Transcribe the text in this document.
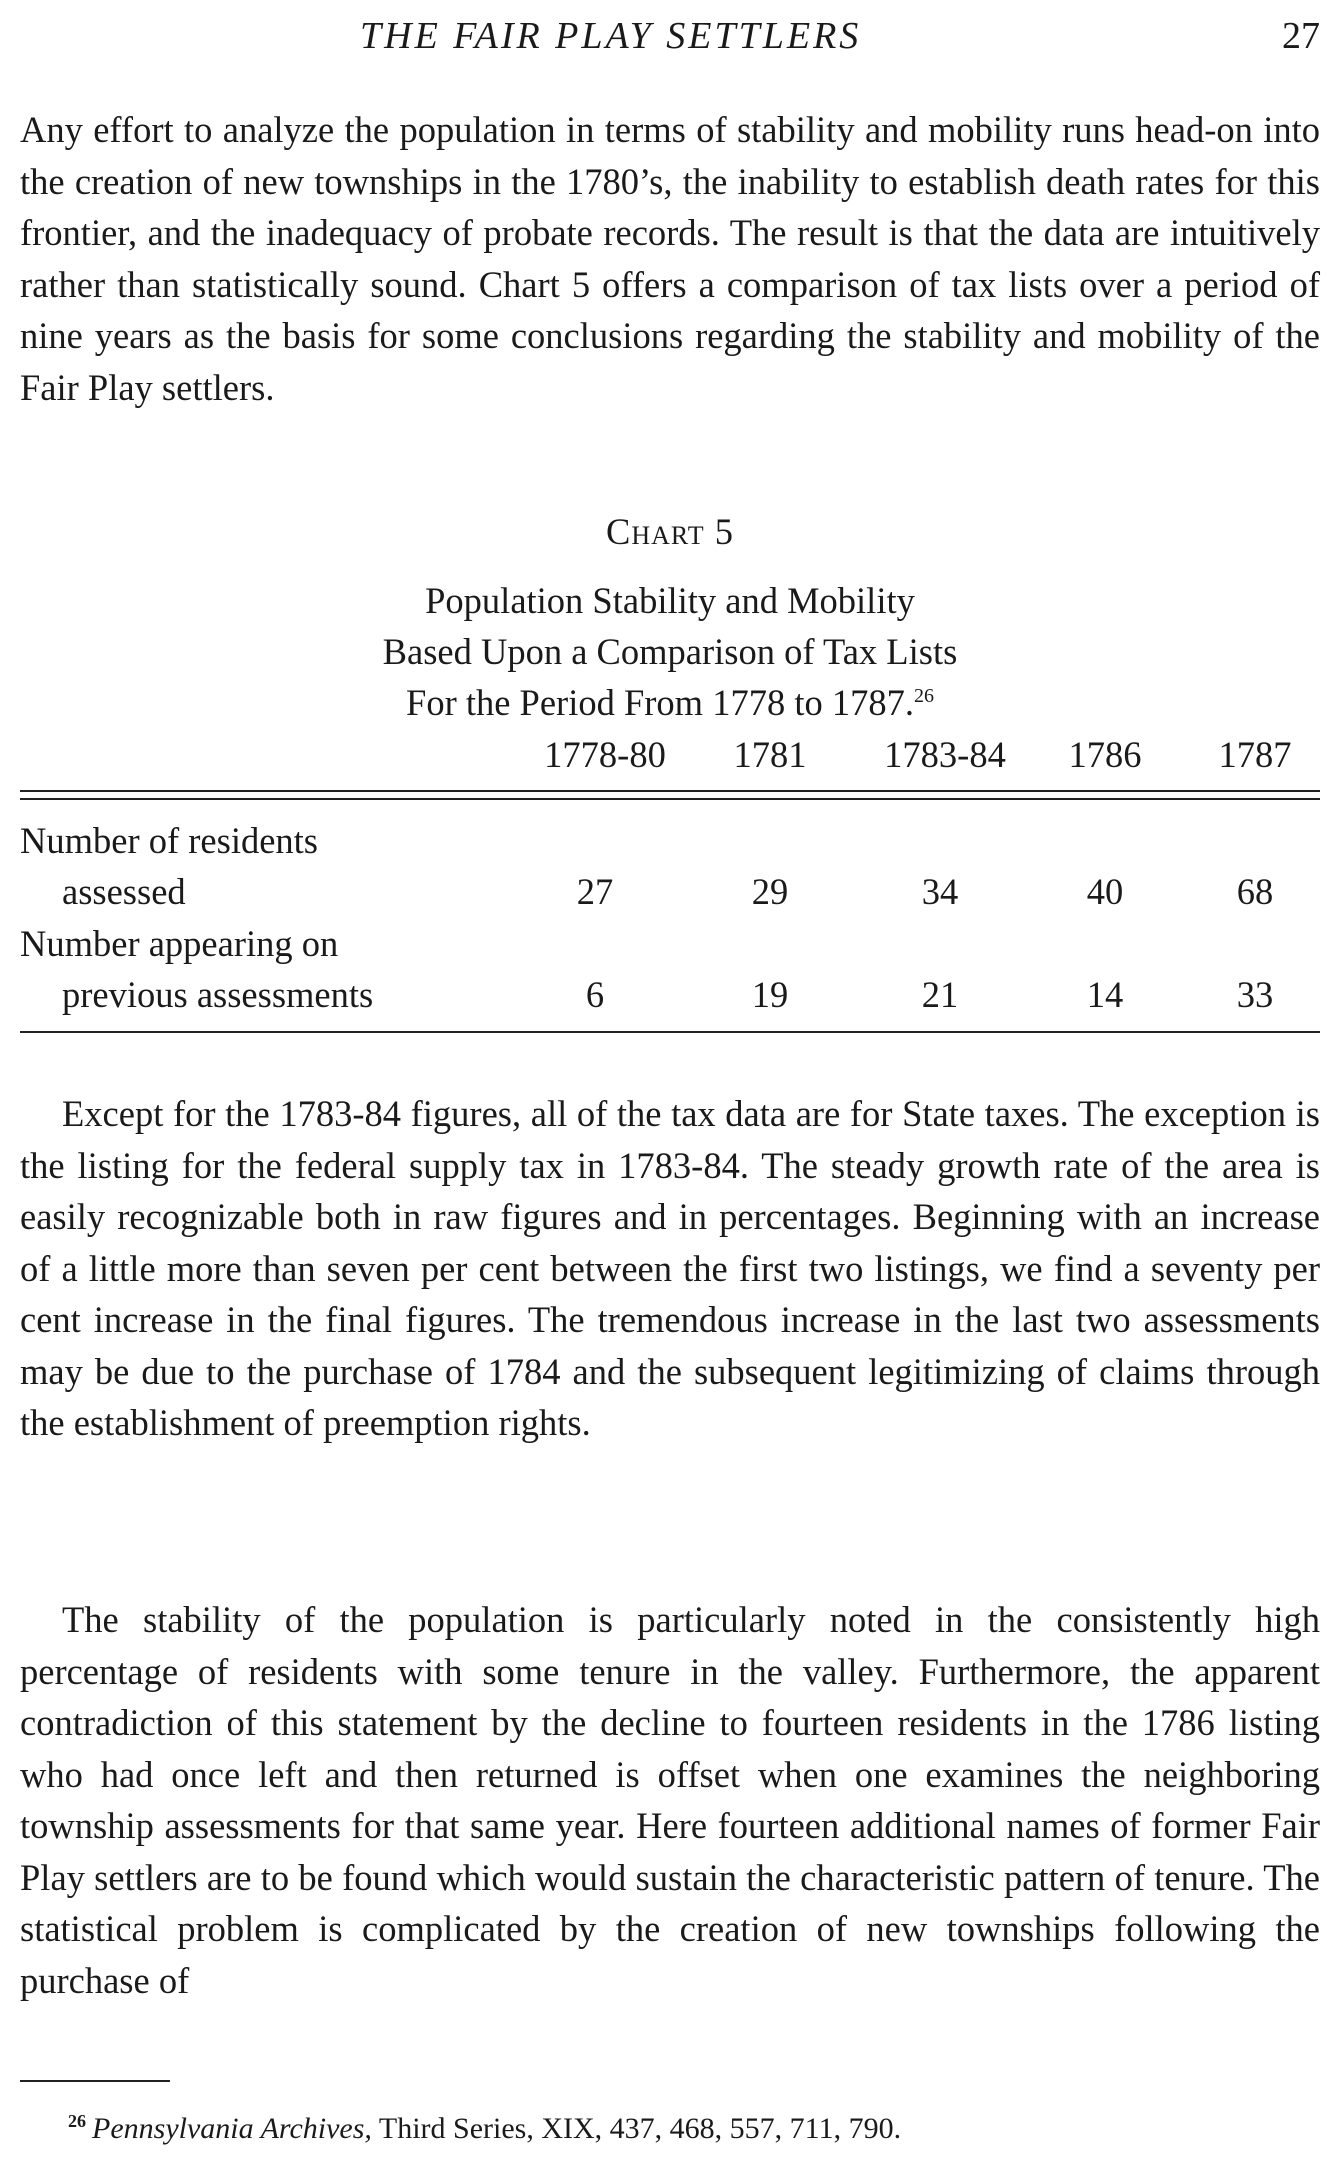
THE FAIR PLAY SETTLERS	27

Any effort to analyze the population in terms of stability and mobility runs head-on into the creation of new townships in the 1780’s, the inability to establish death rates for this frontier, and the inadequacy of probate records. The result is that the data are intuitively rather than statistically sound. Chart 5 offers a comparison of tax lists over a period of nine years as the basis for some conclusions regarding the stability and mobility of the Fair Play settlers.

Chart 5
Population Stability and Mobility
Based Upon a Comparison of Tax Lists
For the Period From 1778 to 1787.26
1778-80	1781	1783-84	1786	1787
Number of residents
assessed	27	29	34	40	68
Number appearing on
previous assessments	6	19	21	14	33

Except for the 1783-84 figures, all of the tax data are for State taxes. The exception is the listing for the federal supply tax in 1783-84. The steady growth rate of the area is easily recognizable both in raw figures and in percentages. Beginning with an increase of a little more than seven per cent between the first two listings, we find a seventy per cent increase in the final figures. The tremendous increase in the last two assessments may be due to the purchase of 1784 and the subsequent legitimizing of claims through the establishment of preemption rights.

The stability of the population is particularly noted in the consistently high percentage of residents with some tenure in the valley. Furthermore, the apparent contradiction of this statement by the decline to fourteen residents in the 1786 listing who had once left and then returned is offset when one examines the neighboring township assessments for that same year. Here fourteen additional names of former Fair Play settlers are to be found which would sustain the characteristic pattern of tenure. The statistical problem is complicated by the creation of new townships following the purchase of

$^{26}$ Pennsylvania Archives, Third Series, XIX, 437, 468, 557, 711, 790.
